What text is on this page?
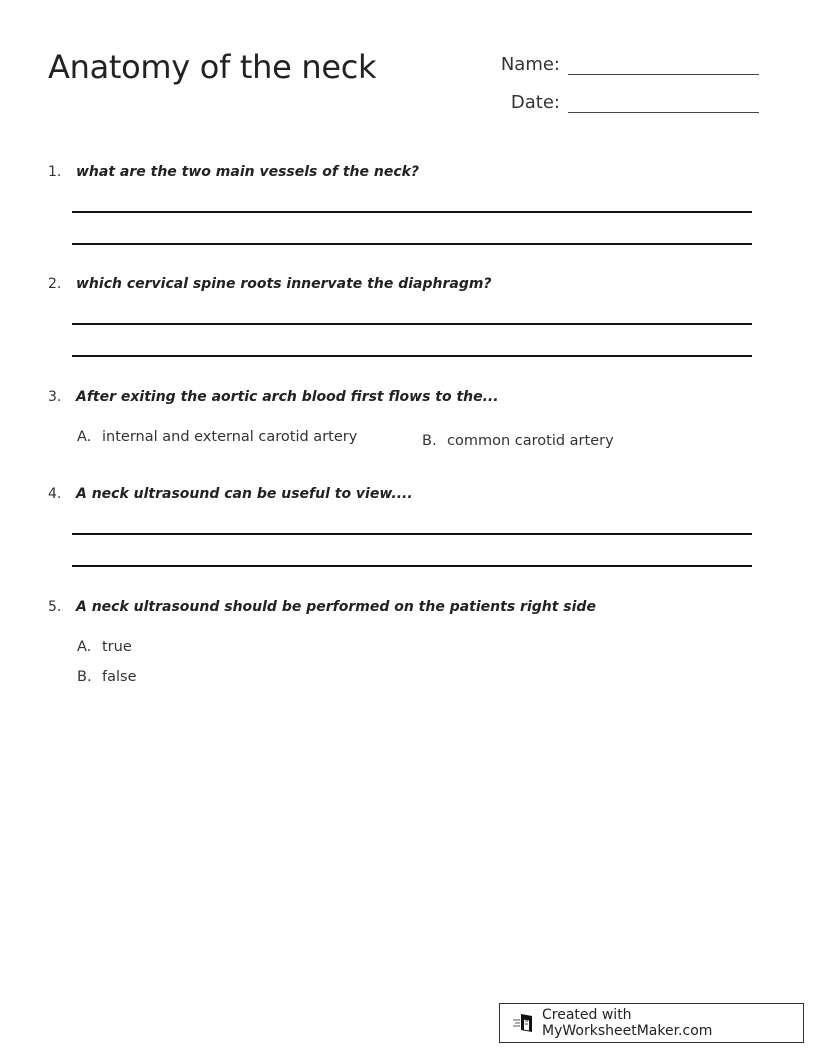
Anatomy of the neck	Name:
Date:
1.	what are the two main vessels of the neck?
2.	which cervical spine roots innervate the diaphragm?
3.	After exiting the aortic arch blood first flows to the...
A. internal and external carotid artery	B. common carotid artery
4.	A neck ultrasound can be useful to view....
5.	A neck ultrasound should be performed on the patients right side
A. true
B. false
Created with MyWorksheetMaker.com
